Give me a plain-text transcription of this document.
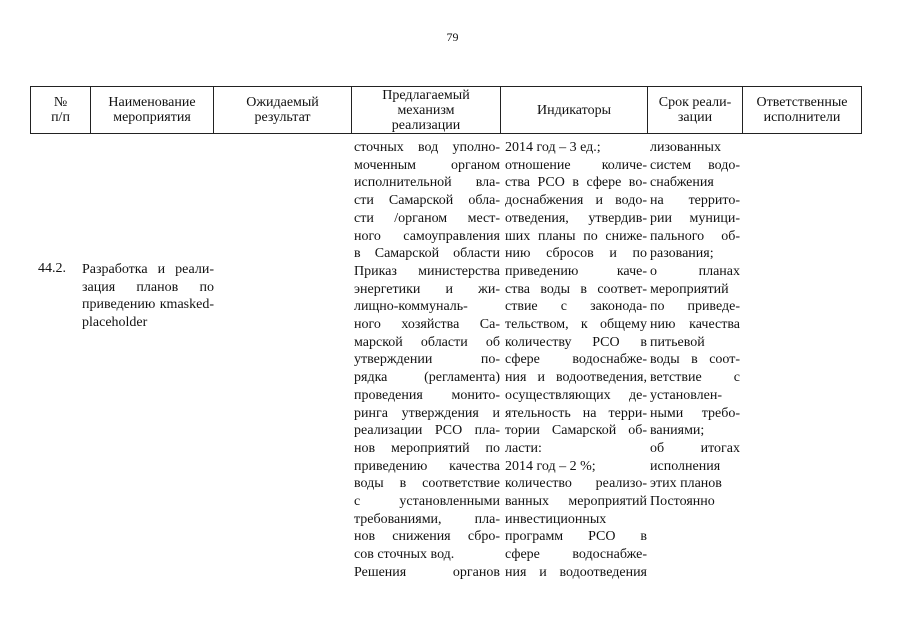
79
№
п/п
Наименование
мероприятия
Ожидаемый
результат
Предлагаемый
механизм
реализации
Индикаторы	Срок реали-
зации
Ответственные
исполнители
44.2. Разработка и реали- зация планов по приведению кmasked-placeholder
сточных вод уполно-
моченным органом
исполнительной вла-
сти Самарской обла-
сти /органом мест-
ного самоуправления
в Самарской области
Приказ министерства
энергетики и жи-
лищно-коммуналь-
ного хозяйства Са-
марской области об
утверждении по-
рядка (регламента)
проведения монито-
ринга утверждения и
реализации РСО пла-
нов мероприятий по
приведению качества
воды в соответствие
с установленными
требованиями, пла-
нов снижения сбро-
сов сточных вод.
Решения органов
2014 год – 3 ед.;
отношение количе-
ства РСО в сфере во-
доснабжения и водо-
отведения, утвердив-
ших планы по сниже-
нию сбросов и по
приведению каче-
ства воды в соответ-
ствие с законода-
тельством, к общему
количеству РСО в
сфере водоснабже-
ния и водоотведения,
осуществляющих де-
ятельность на терри-
тории Самарской об-
ласти:
2014 год – 2 %;
количество реализо-
ванных мероприятий
инвестиционных
программ РСО в
сфере водоснабже-
ния и водоотведения
лизованных
систем водо-
снабжения
на террито-
рии муници-
пального об-
разования;
о планах
мероприятий
по приведе-
нию качества
питьевой
воды в соот-
ветствие с
установлен-
ными требо-
ваниями;
об итогах
исполнения
этих планов
Постоянно
